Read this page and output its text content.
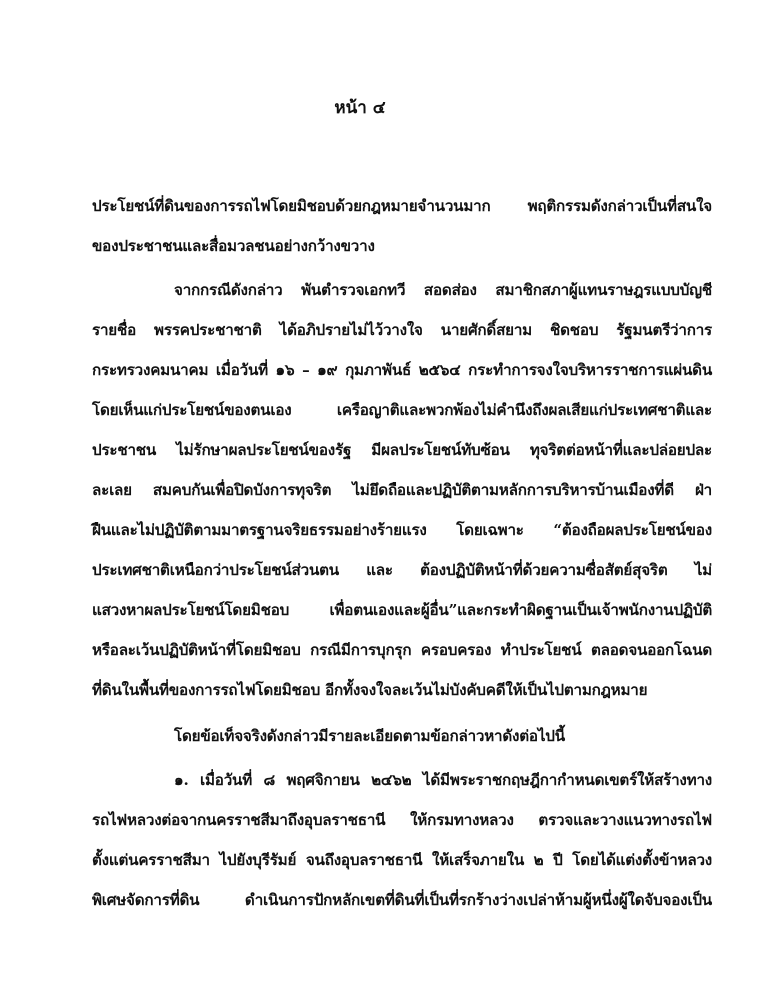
หน้า ๔
ประโยชน์ที่ดินของการรถไฟโดยมิชอบด้วยกฎหมายจำนวนมาก พฤติกรรมดังกล่าวเป็นที่สนใจ
ของประชาชนและสื่อมวลชนอย่างกว้างขวาง
จากกรณีดังกล่าว พันตำรวจเอกทวี สอดส่อง สมาชิกสภาผู้แทนราษฎรแบบบัญชี
รายชื่อ พรรคประชาชาติ ได้อภิปรายไม่ไว้วางใจ นายศักดิ์สยาม ชิดชอบ รัฐมนตรีว่าการ
กระทรวงคมนาคม เมื่อวันที่ ๑๖ – ๑๙ กุมภาพันธ์ ๒๕๖๔ กระทำการจงใจบริหารราชการแผ่นดิน
โดยเห็นแก่ประโยชน์ของตนเอง เครือญาติและพวกพ้องไม่คำนึงถึงผลเสียแก่ประเทศชาติและ
ประชาชน ไม่รักษาผลประโยชน์ของรัฐ มีผลประโยชน์ทับซ้อน ทุจริตต่อหน้าที่และปล่อยปละ
ละเลย สมคบกันเพื่อปิดบังการทุจริต ไม่ยึดถือและปฏิบัติตามหลักการบริหารบ้านเมืองที่ดี ฝ่า
ฝืนและไม่ปฏิบัติตามมาตรฐานจริยธรรมอย่างร้ายแรง โดยเฉพาะ “ต้องถือผลประโยชน์ของ
ประเทศชาติเหนือกว่าประโยชน์ส่วนตน และ ต้องปฏิบัติหน้าที่ด้วยความซื่อสัตย์สุจริต ไม่
แสวงหาผลประโยชน์โดยมิชอบ เพื่อตนเองและผู้อื่น”และกระทำผิดฐานเป็นเจ้าพนักงานปฏิบัติ
หรือละเว้นปฏิบัติหน้าที่โดยมิชอบ กรณีมีการบุกรุก ครอบครอง ทำประโยชน์ ตลอดจนออกโฉนด
ที่ดินในพื้นที่ของการรถไฟโดยมิชอบ อีกทั้งจงใจละเว้นไม่บังคับคดีให้เป็นไปตามกฎหมาย
โดยข้อเท็จจริงดังกล่าวมีรายละเอียดตามข้อกล่าวหาดังต่อไปนี้
๑. เมื่อวันที่ ๘ พฤศจิกายน ๒๔๖๒ ได้มีพระราชกฤษฎีกากำหนดเขตร์ให้สร้างทาง
รถไฟหลวงต่อจากนครราชสีมาถึงอุบลราชธานี ให้กรมทางหลวง ตรวจและวางแนวทางรถไฟ
ตั้งแต่นครราชสีมา ไปยังบุรีรัมย์ จนถึงอุบลราชธานี ให้เสร็จภายใน ๒ ปี โดยได้แต่งตั้งข้าหลวง
พิเศษจัดการที่ดิน ดำเนินการปักหลักเขตที่ดินที่เป็นที่รกร้างว่างเปล่าห้ามผู้หนึ่งผู้ใดจับจองเป็น
